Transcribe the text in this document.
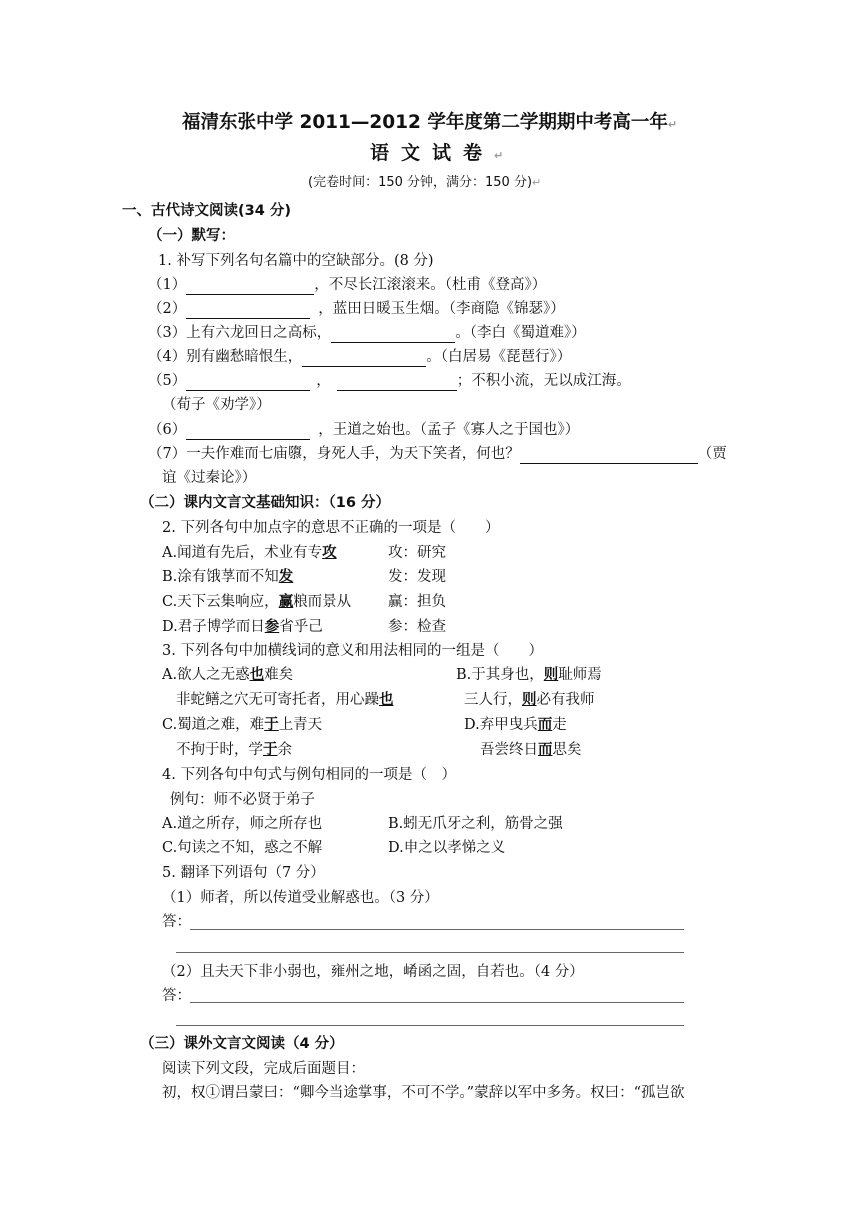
福清东张中学 2011—2012 学年度第二学期期中考高一年↵
语文试卷↵
(完卷时间：150 分钟，满分：150 分)↵
一、古代诗文阅读(34 分)
（一）默写：
1. 补写下列名句名篇中的空缺部分。(8 分)
（1）	，不尽长江滚滚来。（杜甫《登高》）
（2）	，蓝田日暖玉生烟。（李商隐《锦瑟》）
（3）上有六龙回日之高标，	。（李白《蜀道难》）
（4）别有幽愁暗恨生，	。（白居易《琵琶行》）
（5）	，	；不积小流，无以成江海。
（荀子《劝学》）
（6）	，王道之始也。（孟子《寡人之于国也》）
（7）一夫作难而七庙隳，身死人手，为天下笑者，何也？	（贾
谊《过秦论》）
（二）课内文言文基础知识：（16 分）
2. 下列各句中加点字的意思不正确的一项是（　　）
A.闻道有先后，术业有专攻	攻：研究
B.涂有饿莩而不知发	发：发现
C.天下云集响应，赢粮而景从	赢：担负
D.君子博学而日参省乎己	参：检查
3. 下列各句中加横线词的意义和用法相同的一组是（　　）
A.欲人之无惑也难矣	B.于其身也，则耻师焉
非蛇鳝之穴无可寄托者，用心躁也	三人行，则必有我师
C.蜀道之难，难于上青天	D.弃甲曳兵而走
不拘于时，学于余	吾尝终日而思矣
4. 下列各句中句式与例句相同的一项是（　）
例句：师不必贤于弟子
A.道之所存，师之所存也	B.蚓无爪牙之利，筋骨之强
C.句读之不知，惑之不解	D.申之以孝悌之义
5. 翻译下列语句（7 分）
（1）师者，所以传道受业解惑也。（3 分）
答：
（2）且夫天下非小弱也，雍州之地，崤函之固，自若也。（4 分）
答：
（三）课外文言文阅读（4 分）
阅读下列文段，完成后面题目：
初，权①谓吕蒙曰：“卿今当途掌事，不可不学。”蒙辞以军中多务。权曰：“孤岂欲
